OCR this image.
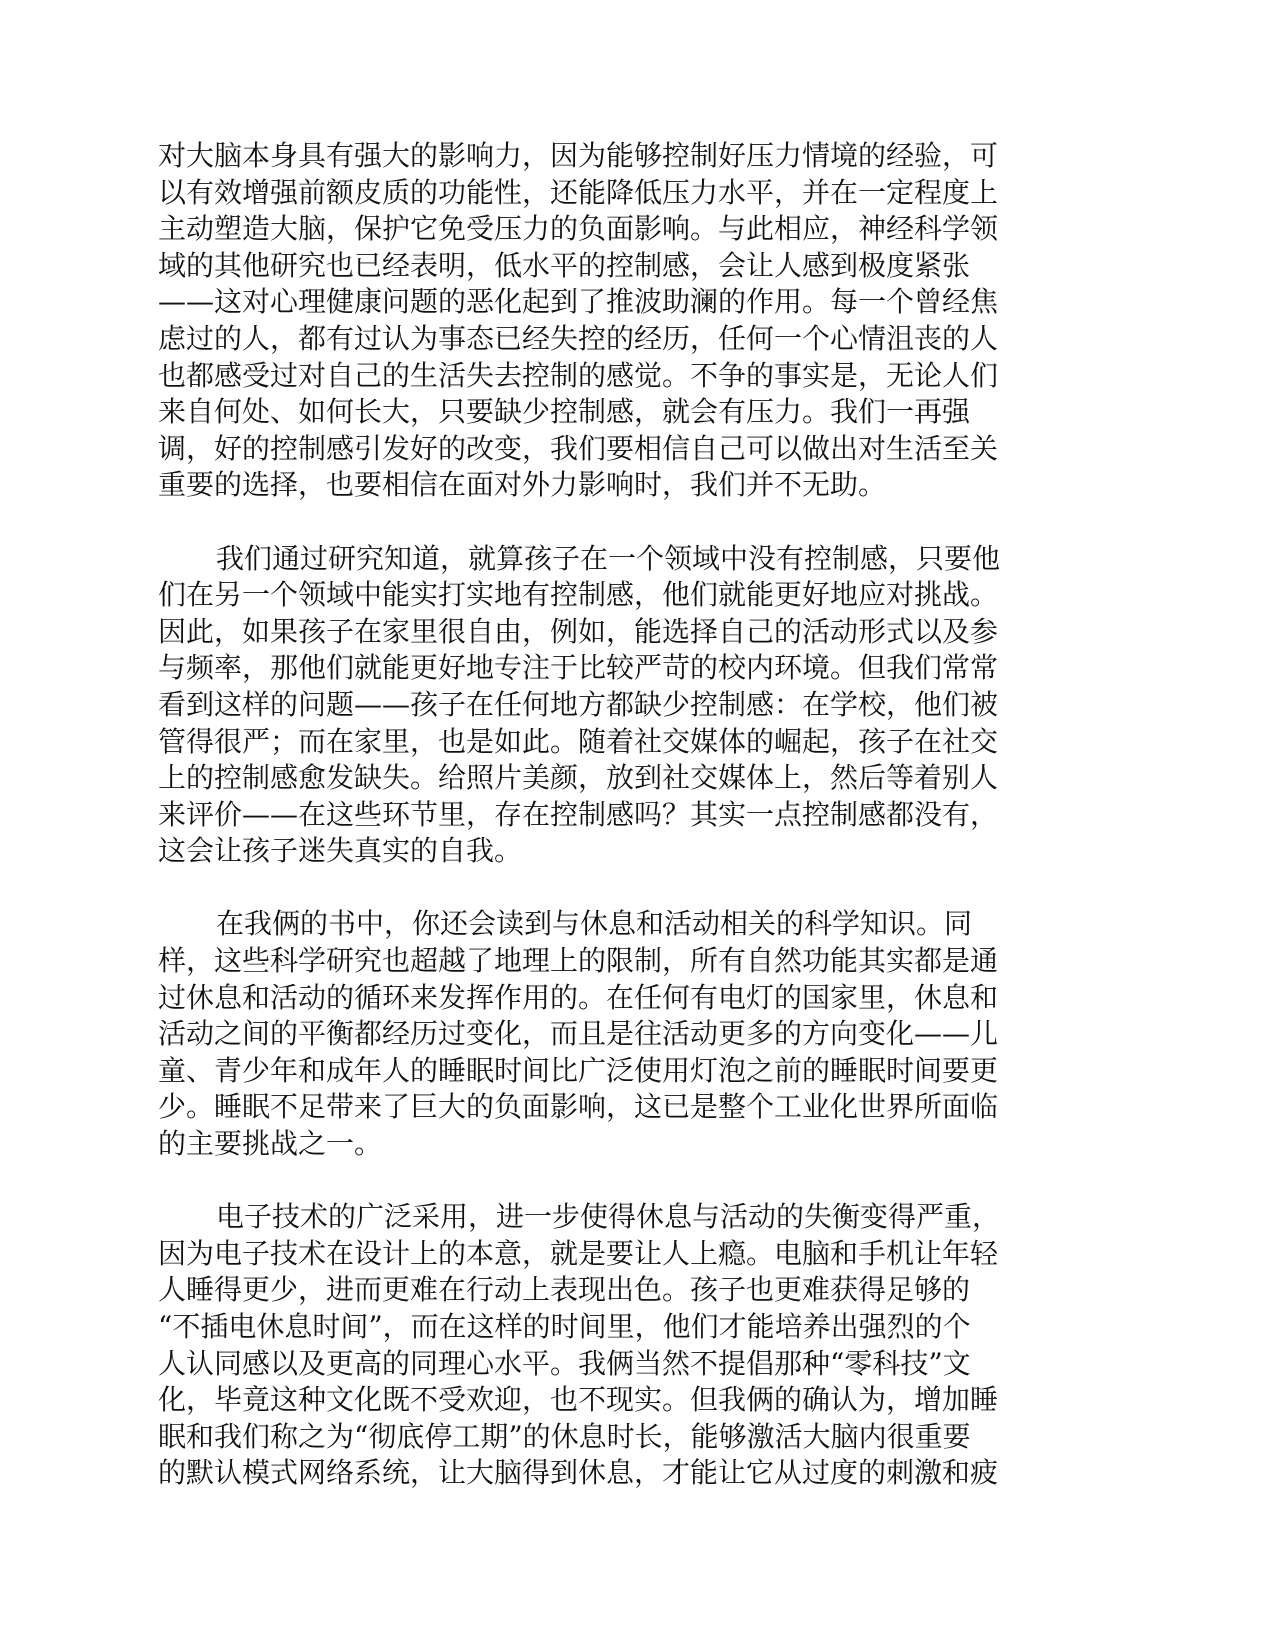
对大脑本身具有强大的影响力，因为能够控制好压力情境的经验，可
以有效增强前额皮质的功能性，还能降低压力水平，并在一定程度上
主动塑造大脑，保护它免受压力的负面影响。与此相应，神经科学领
域的其他研究也已经表明，低水平的控制感，会让人感到极度紧张
——这对心理健康问题的恶化起到了推波助澜的作用。每一个曾经焦
虑过的人，都有过认为事态已经失控的经历，任何一个心情沮丧的人
也都感受过对自己的生活失去控制的感觉。不争的事实是，无论人们
来自何处、如何长大，只要缺少控制感，就会有压力。我们一再强
调，好的控制感引发好的改变，我们要相信自己可以做出对生活至关
重要的选择，也要相信在面对外力影响时，我们并不无助。
我们通过研究知道，就算孩子在一个领域中没有控制感，只要他
们在另一个领域中能实打实地有控制感，他们就能更好地应对挑战。
因此，如果孩子在家里很自由，例如，能选择自己的活动形式以及参
与频率，那他们就能更好地专注于比较严苛的校内环境。但我们常常
看到这样的问题——孩子在任何地方都缺少控制感：在学校，他们被
管得很严；而在家里，也是如此。随着社交媒体的崛起，孩子在社交
上的控制感愈发缺失。给照片美颜，放到社交媒体上，然后等着别人
来评价——在这些环节里，存在控制感吗？其实一点控制感都没有，
这会让孩子迷失真实的自我。
在我俩的书中，你还会读到与休息和活动相关的科学知识。同
样，这些科学研究也超越了地理上的限制，所有自然功能其实都是通
过休息和活动的循环来发挥作用的。在任何有电灯的国家里，休息和
活动之间的平衡都经历过变化，而且是往活动更多的方向变化——儿
童、青少年和成年人的睡眠时间比广泛使用灯泡之前的睡眠时间要更
少。睡眠不足带来了巨大的负面影响，这已是整个工业化世界所面临
的主要挑战之一。
电子技术的广泛采用，进一步使得休息与活动的失衡变得严重，
因为电子技术在设计上的本意，就是要让人上瘾。电脑和手机让年轻
人睡得更少，进而更难在行动上表现出色。孩子也更难获得足够的
“不插电休息时间”，而在这样的时间里，他们才能培养出强烈的个
人认同感以及更高的同理心水平。我俩当然不提倡那种“零科技”文
化，毕竟这种文化既不受欢迎，也不现实。但我俩的确认为，增加睡
眠和我们称之为“彻底停工期”的休息时长，能够激活大脑内很重要
的默认模式网络系统，让大脑得到休息，才能让它从过度的刺激和疲
